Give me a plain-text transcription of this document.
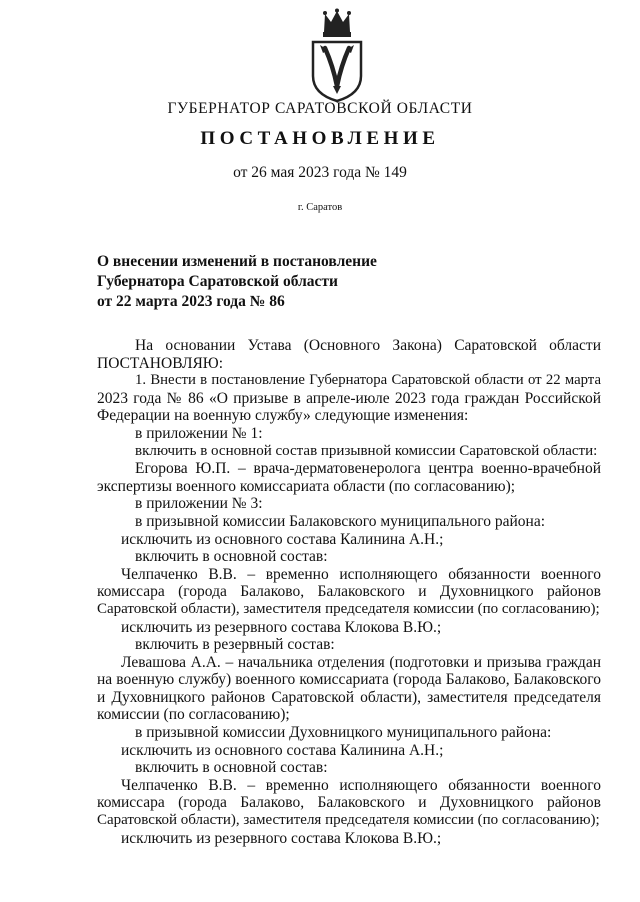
ГУБЕРНАТОР САРАТОВСКОЙ ОБЛАСТИ
ПОСТАНОВЛЕНИЕ
от 26 мая 2023 года № 149
г. Саратов
О внесении изменений в постановление
Губернатора Саратовской области
от 22 марта 2023 года № 86
На основании Устава (Основного Закона) Саратовской области
ПОСТАНОВЛЯЮ:
1. Внести в постановление Губернатора Саратовской области от 22 марта
2023 года № 86 «О призыве в апреле-июле 2023 года граждан Российской
Федерации на военную службу» следующие изменения:
в приложении № 1:
включить в основной состав призывной комиссии Саратовской области:
Егорова Ю.П. – врача-дерматовенеролога центра военно-врачебной
экспертизы военного комиссариата области (по согласованию);
в приложении № 3:
в призывной комиссии Балаковского муниципального района:
исключить из основного состава Калинина А.Н.;
включить в основной состав:
Челпаченко В.В. – временно исполняющего обязанности военного
комиссара (города Балаково, Балаковского и Духовницкого районов
Саратовской области), заместителя председателя комиссии (по согласованию);
исключить из резервного состава Клокова В.Ю.;
включить в резервный состав:
Левашова А.А. – начальника отделения (подготовки и призыва граждан
на военную службу) военного комиссариата (города Балаково, Балаковского
и Духовницкого районов Саратовской области), заместителя председателя
комиссии (по согласованию);
в призывной комиссии Духовницкого муниципального района:
исключить из основного состава Калинина А.Н.;
включить в основной состав:
Челпаченко В.В. – временно исполняющего обязанности военного
комиссара (города Балаково, Балаковского и Духовницкого районов
Саратовской области), заместителя председателя комиссии (по согласованию);
исключить из резервного состава Клокова В.Ю.;
